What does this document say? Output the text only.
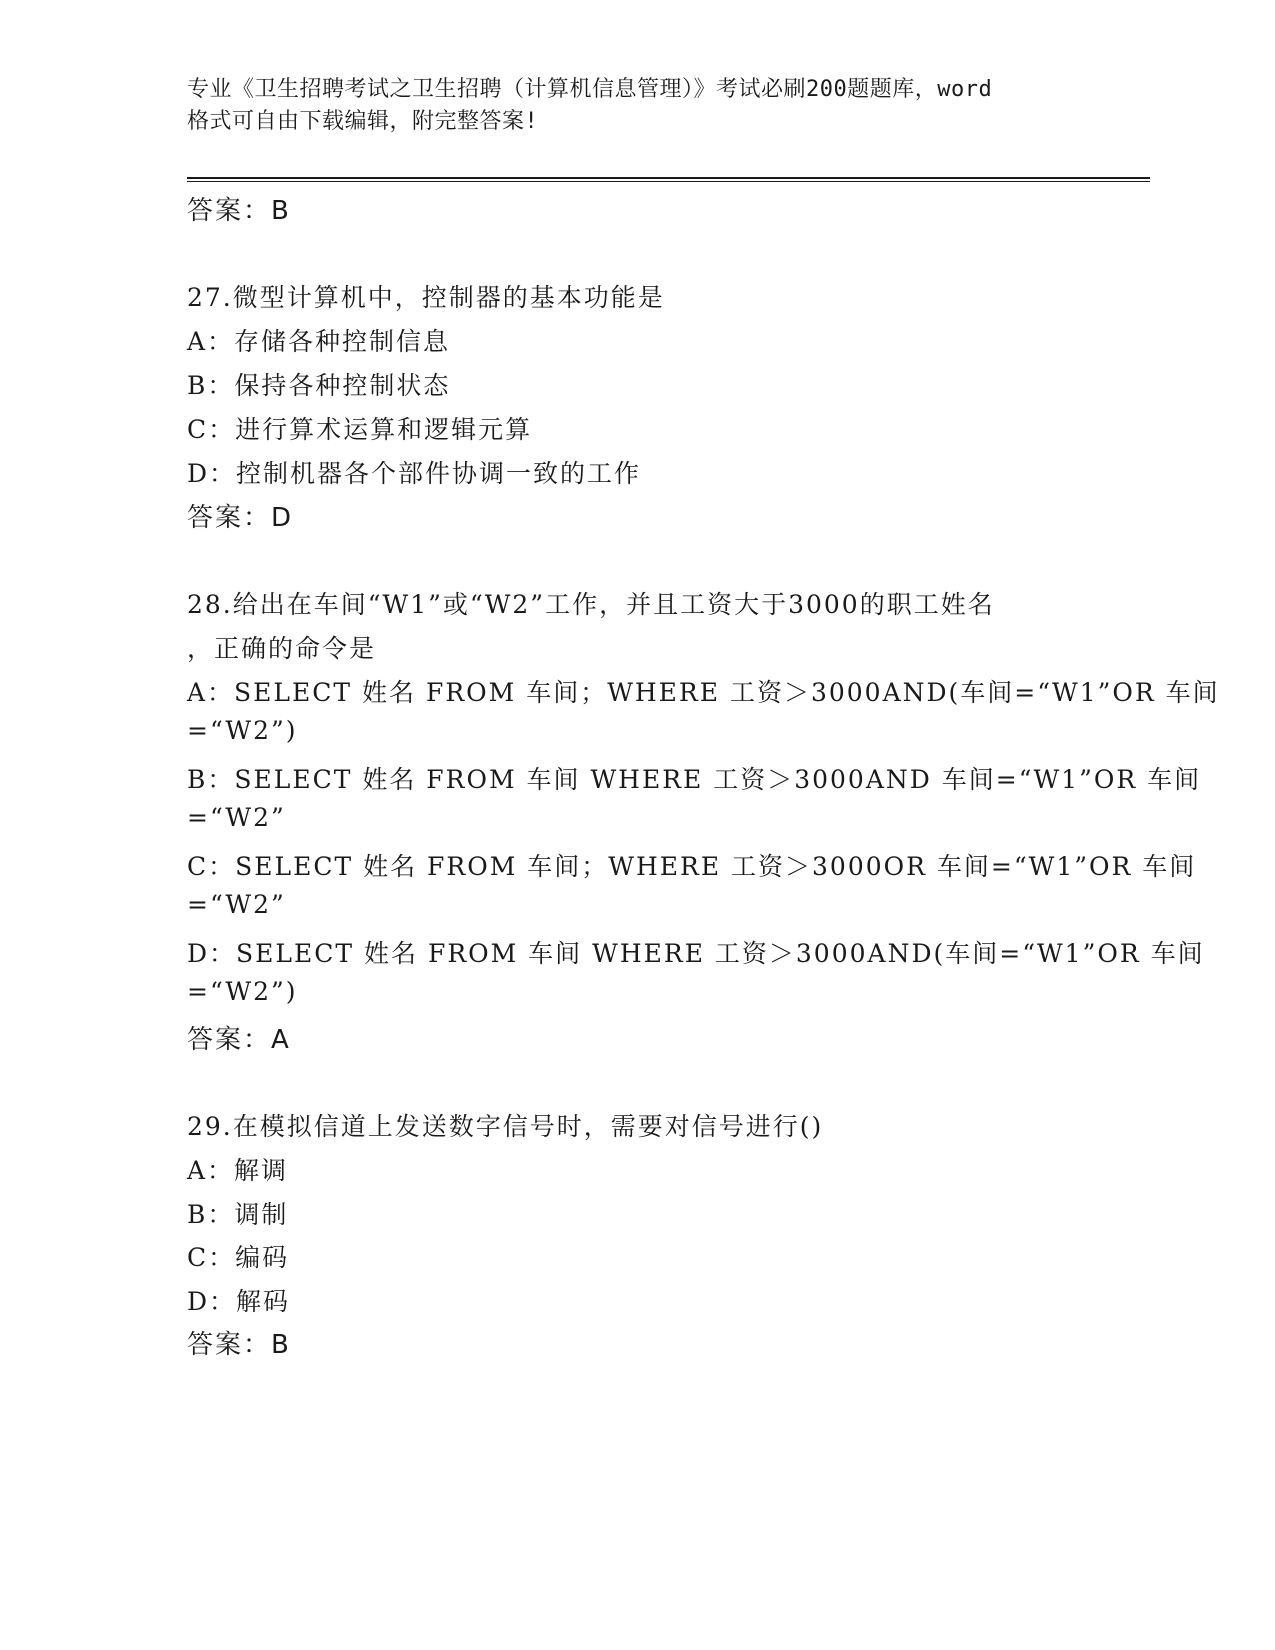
专业《卫生招聘考试之卫生招聘（计算机信息管理）》考试必刷200题题库，word
格式可自由下载编辑，附完整答案!
答案：B
27.微型计算机中，控制器的基本功能是
A：存储各种控制信息
B：保持各种控制状态
C：进行算术运算和逻辑元算
D：控制机器各个部件协调一致的工作
答案：D
28.给出在车间“W1”或“W2”工作，并且工资大于3000的职工姓名
，正确的命令是
A：SELECT 姓名 FROM 车间；WHERE 工资＞3000AND(车间=“W1”OR 车间
=“W2”)
B：SELECT 姓名 FROM 车间 WHERE 工资＞3000AND 车间=“W1”OR 车间
=“W2”
C：SELECT 姓名 FROM 车间；WHERE 工资＞3000OR 车间=“W1”OR 车间
=“W2”
D：SELECT 姓名 FROM 车间 WHERE 工资＞3000AND(车间=“W1”OR 车间
=“W2”)
答案：A
29.在模拟信道上发送数字信号时，需要对信号进行()
A：解调
B：调制
C：编码
D：解码
答案：B
